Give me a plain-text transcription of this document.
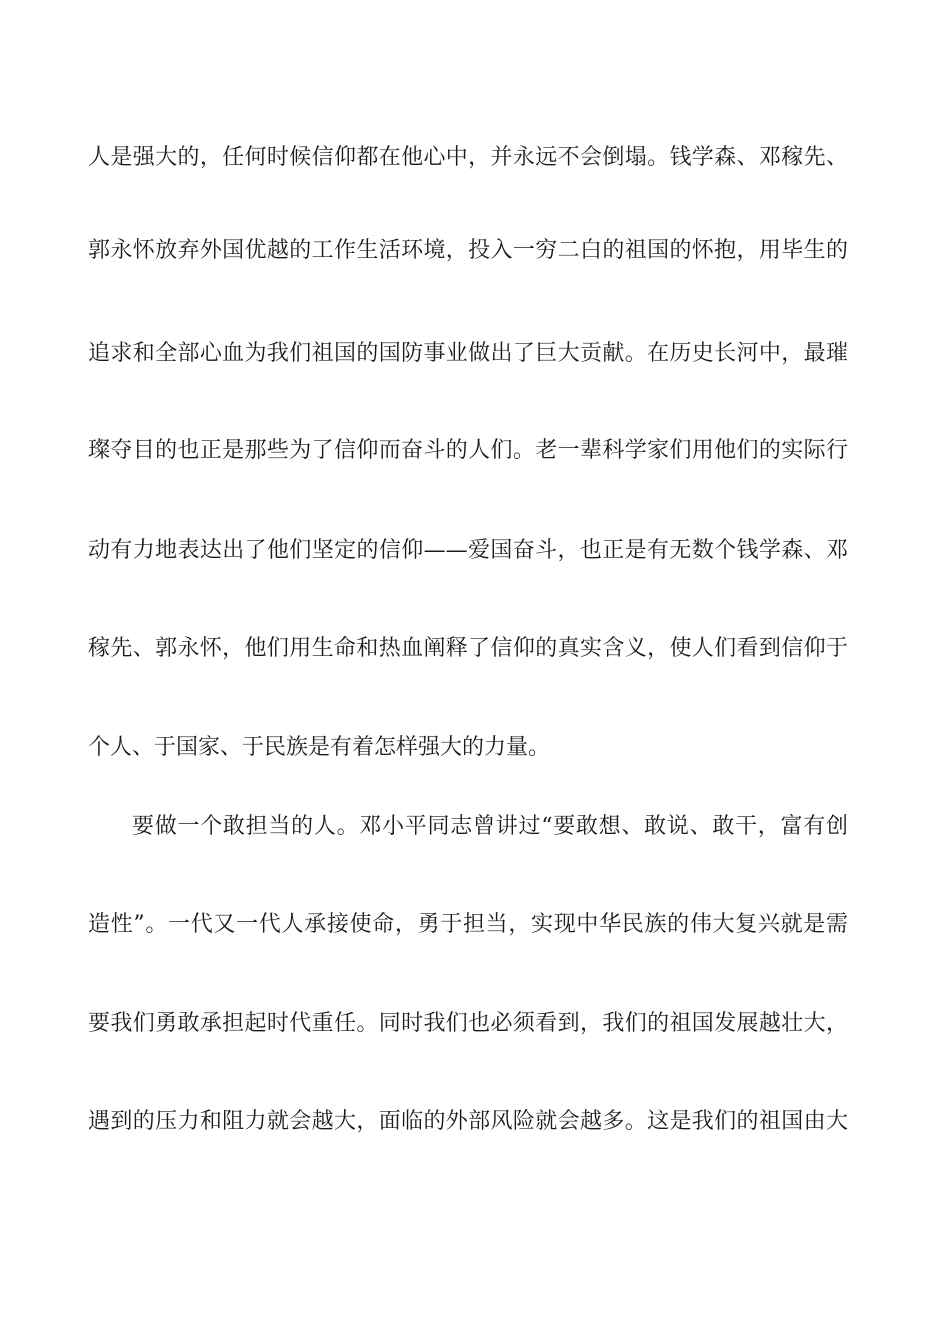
人是强大的，任何时候信仰都在他心中，并永远不会倒塌。钱学森、邓稼先、
郭永怀放弃外国优越的工作生活环境，投入一穷二白的祖国的怀抱，用毕生的
追求和全部心血为我们祖国的国防事业做出了巨大贡献。在历史长河中，最璀
璨夺目的也正是那些为了信仰而奋斗的人们。老一辈科学家们用他们的实际行
动有力地表达出了他们坚定的信仰——爱国奋斗，也正是有无数个钱学森、邓
稼先、郭永怀，他们用生命和热血阐释了信仰的真实含义，使人们看到信仰于
个人、于国家、于民族是有着怎样强大的力量。
要做一个敢担当的人。邓小平同志曾讲过“要敢想、敢说、敢干，富有创
造性”。一代又一代人承接使命，勇于担当，实现中华民族的伟大复兴就是需
要我们勇敢承担起时代重任。同时我们也必须看到，我们的祖国发展越壮大，
遇到的压力和阻力就会越大，面临的外部风险就会越多。这是我们的祖国由大
